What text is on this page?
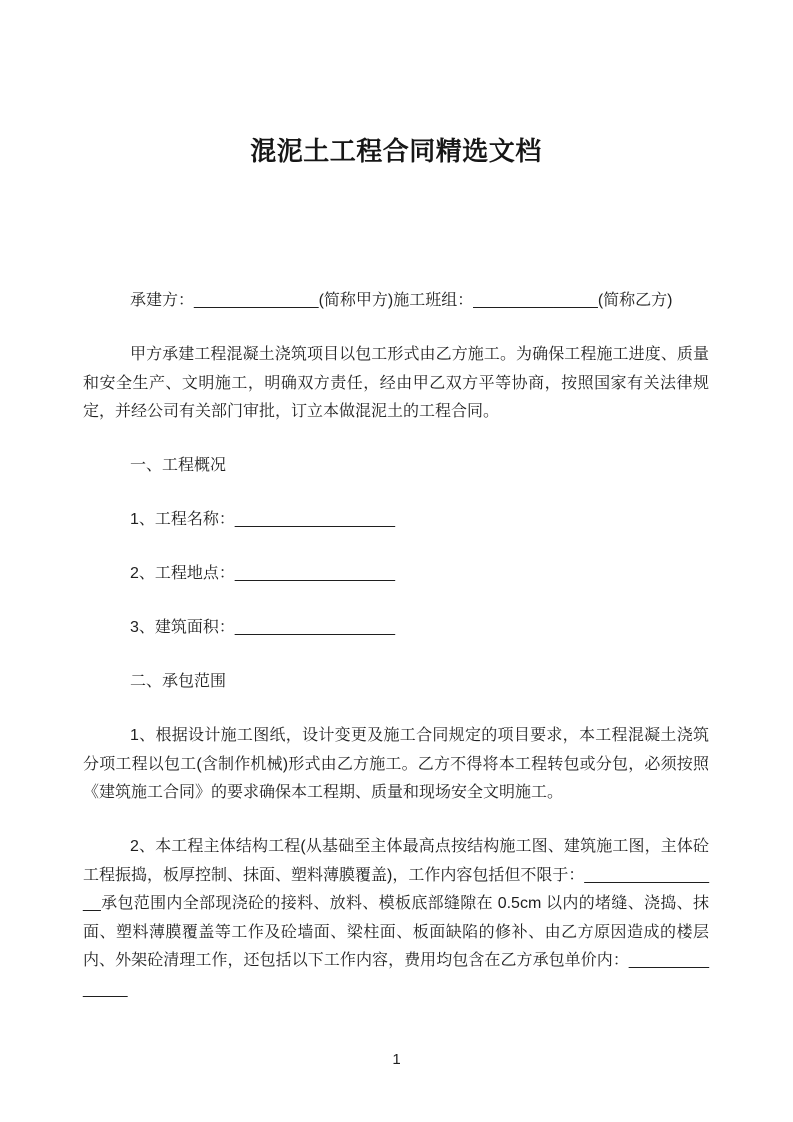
混泥土工程合同精选文档

承建方：______________(简称甲方)施工班组：______________(简称乙方)

甲方承建工程混凝土浇筑项目以包工形式由乙方施工。为确保工程施工进度、质量和安全生产、文明施工，明确双方责任，经由甲乙双方平等协商，按照国家有关法律规定，并经公司有关部门审批，订立本做混泥土的工程合同。

一、工程概况

1、工程名称：__________________

2、工程地点：__________________

3、建筑面积：__________________

二、承包范围

1、根据设计施工图纸，设计变更及施工合同规定的项目要求，本工程混凝土浇筑分项工程以包工(含制作机械)形式由乙方施工。乙方不得将本工程转包或分包，必须按照《建筑施工合同》的要求确保本工程期、质量和现场安全文明施工。

2、本工程主体结构工程(从基础至主体最高点按结构施工图、建筑施工图，主体砼工程振捣，板厚控制、抹面、塑料薄膜覆盖)，工作内容包括但不限于：________________承包范围内全部现浇砼的接料、放料、模板底部缝隙在 0.5cm 以内的堵缝、浇捣、抹面、塑料薄膜覆盖等工作及砼墙面、梁柱面、板面缺陷的修补、由乙方原因造成的楼层内、外架砼清理工作，还包括以下工作内容，费用均包含在乙方承包单价内：______________

1
